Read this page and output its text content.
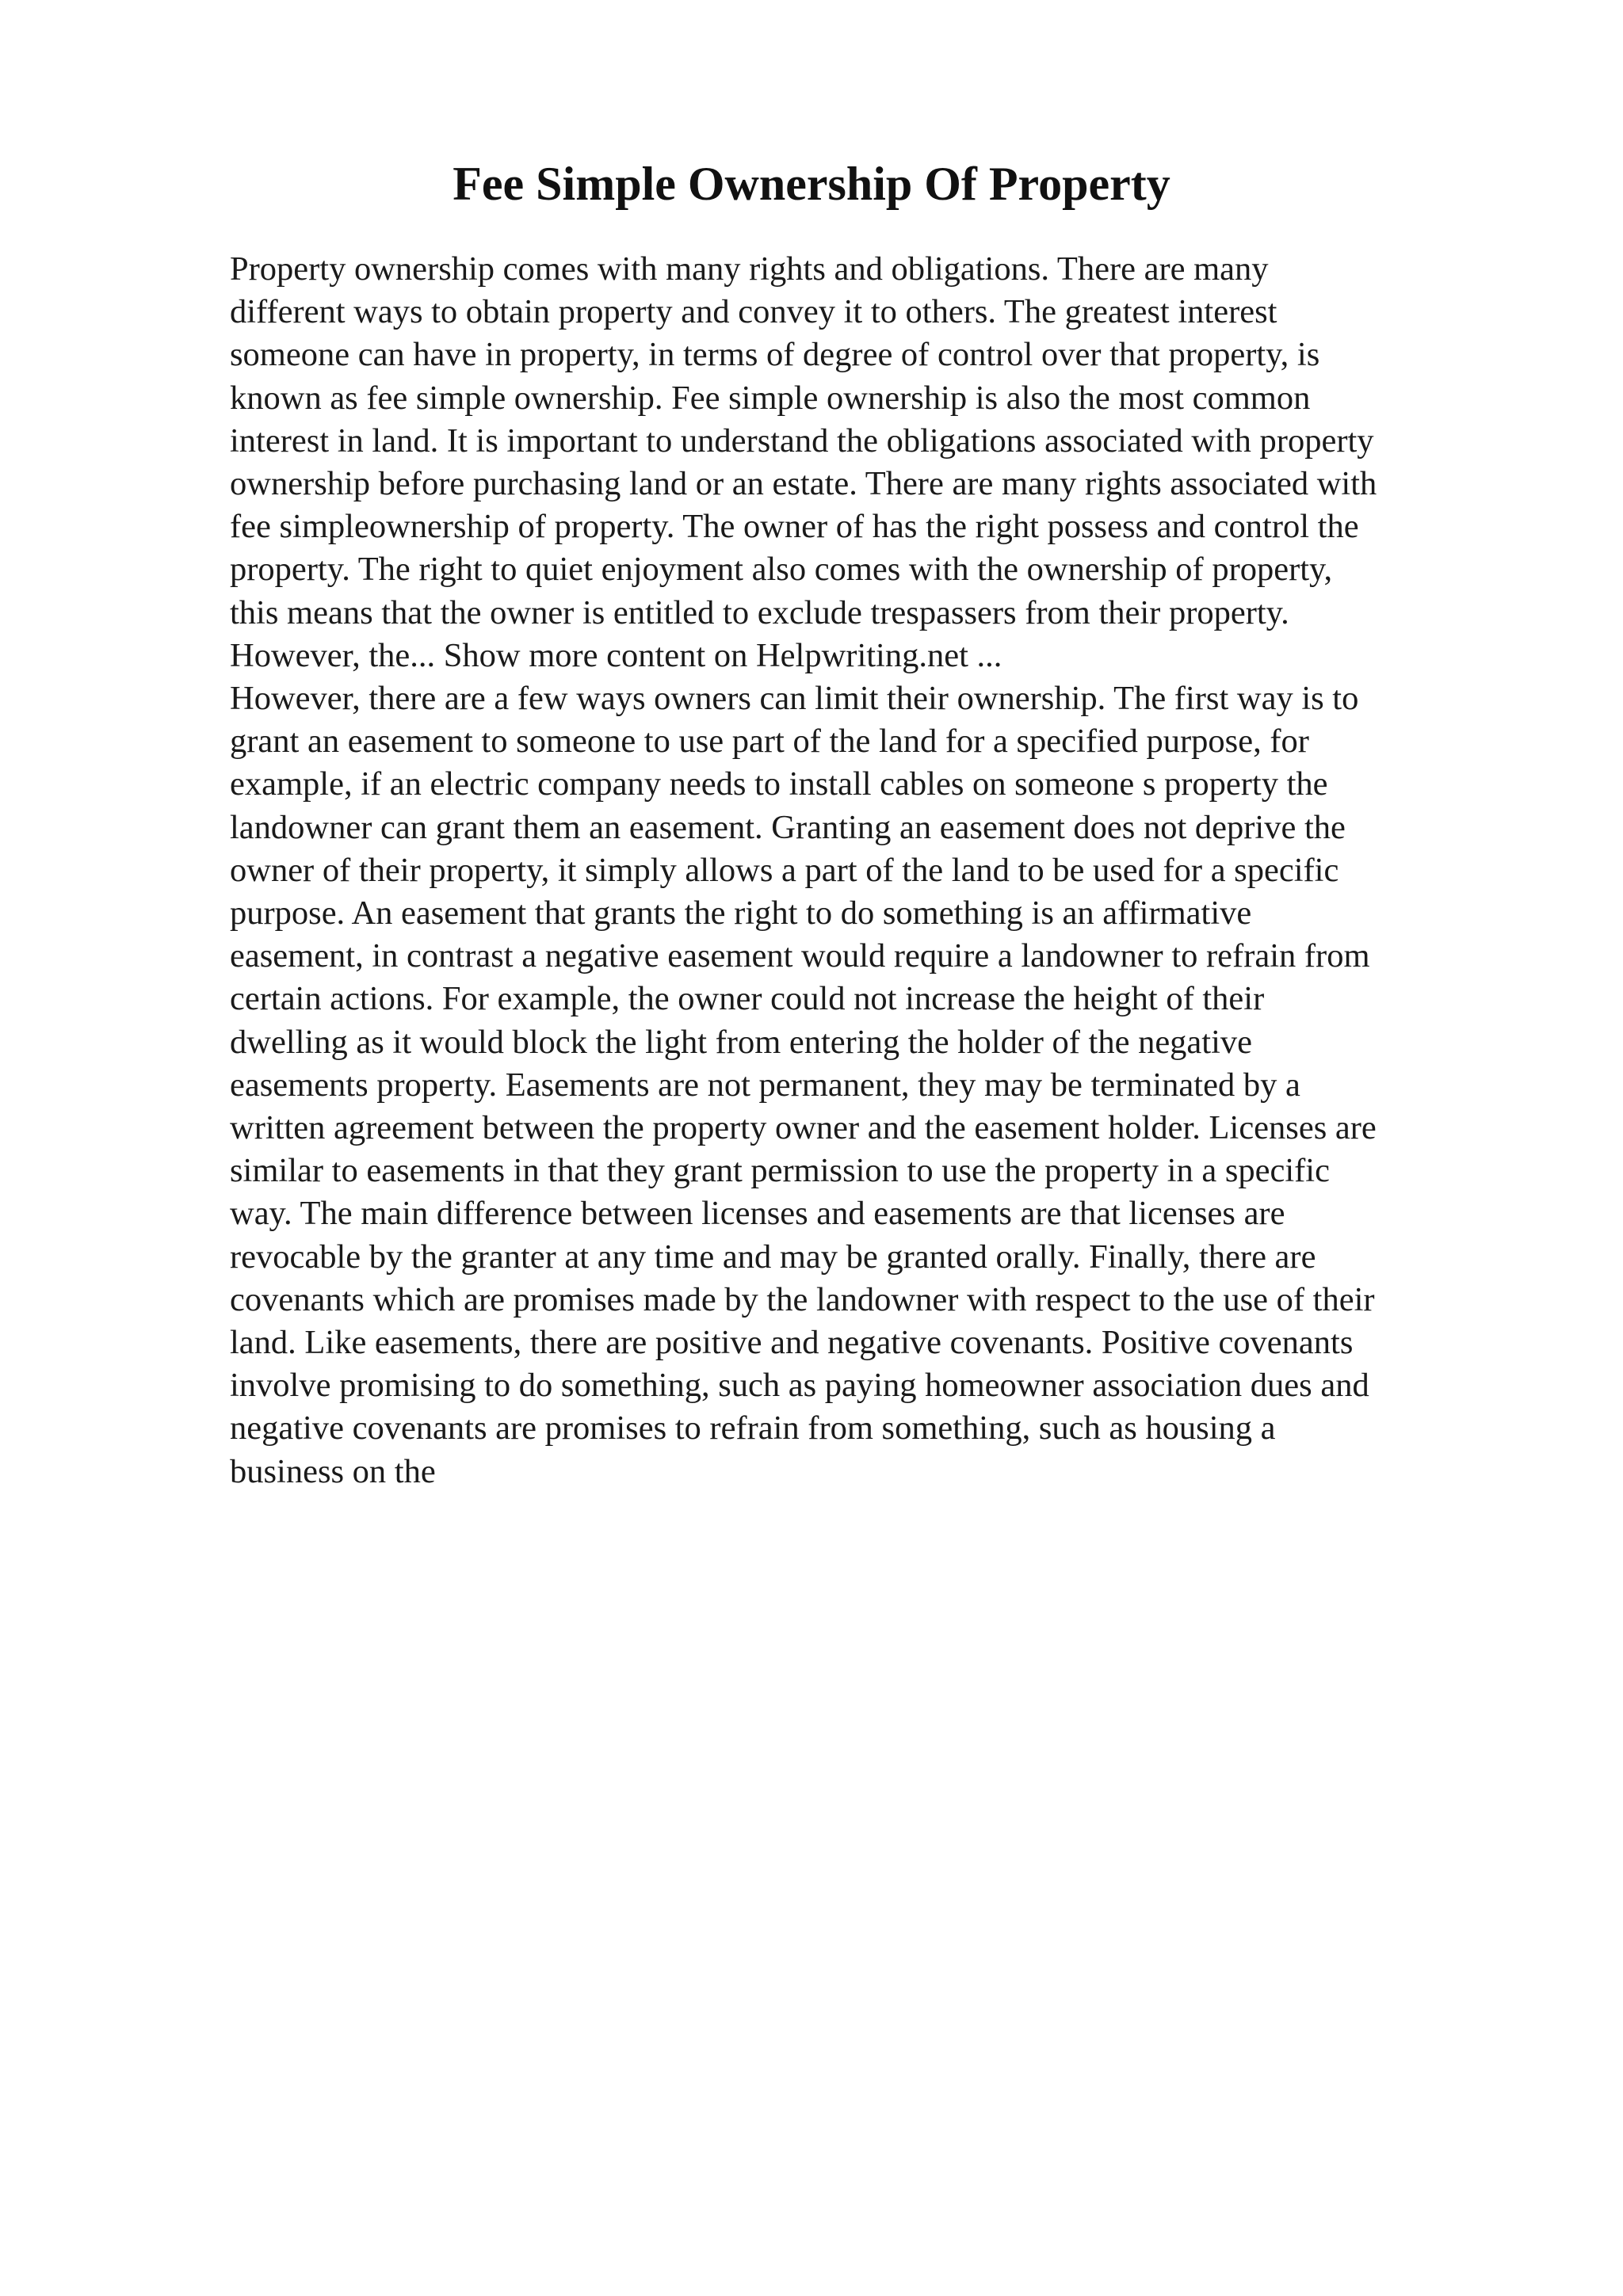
Fee Simple Ownership Of Property
Property ownership comes with many rights and obligations. There are many
different ways to obtain property and convey it to others. The greatest interest
someone can have in property, in terms of degree of control over that property, is
known as fee simple ownership. Fee simple ownership is also the most common
interest in land. It is important to understand the obligations associated with property
ownership before purchasing land or an estate. There are many rights associated with
fee simpleownership of property. The owner of has the right possess and control the
property. The right to quiet enjoyment also comes with the ownership of property,
this means that the owner is entitled to exclude trespassers from their property.
However, the... Show more content on Helpwriting.net ...
However, there are a few ways owners can limit their ownership. The first way is to
grant an easement to someone to use part of the land for a specified purpose, for
example, if an electric company needs to install cables on someone s property the
landowner can grant them an easement. Granting an easement does not deprive the
owner of their property, it simply allows a part of the land to be used for a specific
purpose. An easement that grants the right to do something is an affirmative
easement, in contrast a negative easement would require a landowner to refrain from
certain actions. For example, the owner could not increase the height of their
dwelling as it would block the light from entering the holder of the negative
easements property. Easements are not permanent, they may be terminated by a
written agreement between the property owner and the easement holder. Licenses are
similar to easements in that they grant permission to use the property in a specific
way. The main difference between licenses and easements are that licenses are
revocable by the granter at any time and may be granted orally. Finally, there are
covenants which are promises made by the landowner with respect to the use of their
land. Like easements, there are positive and negative covenants. Positive covenants
involve promising to do something, such as paying homeowner association dues and
negative covenants are promises to refrain from something, such as housing a
business on the
